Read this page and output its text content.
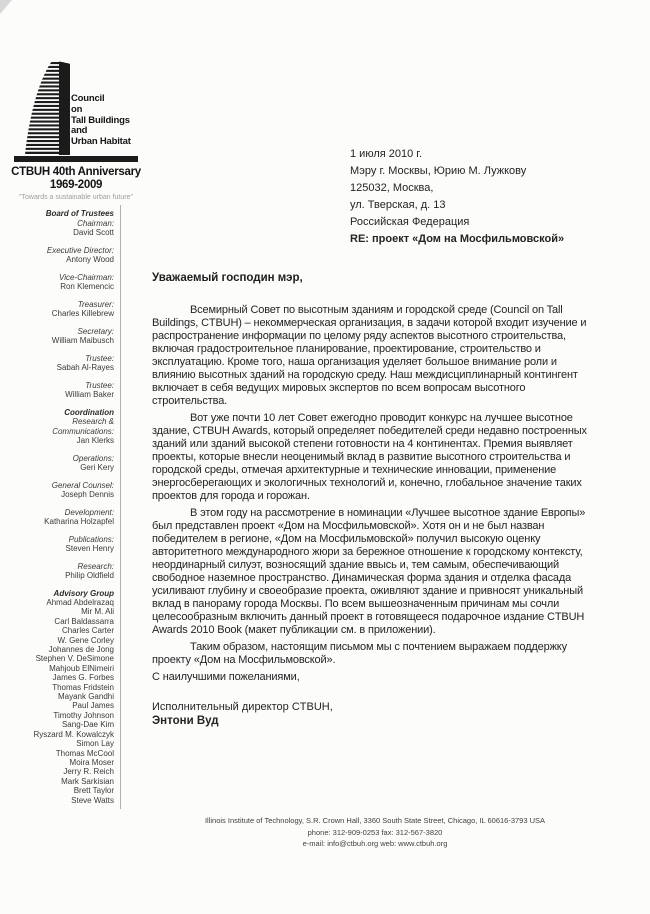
Council
on
Tall Buildings
and
Urban Habitat
CTBUH 40th Anniversary
1969-2009
"Towards a sustainable urban future"
Board of Trustees
Chairman:
David Scott
Executive Director:
Antony Wood
Vice-Chairman:
Ron Klemencic
Treasurer:
Charles Killebrew
Secretary:
William Maibusch
Trustee:
Sabah Al-Rayes
Trustee:
William Baker
Coordination
Research &
Communications:
Jan Klerks
Operations:
Geri Kery
General Counsel:
Joseph Dennis
Development:
Katharina Holzapfel
Publications:
Steven Henry
Research:
Philip Oldfield
Advisory Group
Ahmad Abdelrazaq
Mir M. Ali
Carl Baldassarra
Charles Carter
W. Gene Corley
Johannes de Jong
Stephen V. DeSimone
Mahjoub ElNimeiri
James G. Forbes
Thomas Fridstein
Mayank Gandhi
Paul James
Timothy Johnson
Sang-Dae Kim
Ryszard M. Kowalczyk
Simon Lay
Thomas McCool
Moira Moser
Jerry R. Reich
Mark Sarkisian
Brett Taylor
Steve Watts
1 июля 2010 г.
Мэру г. Москвы, Юрию М. Лужкову
125032, Москва,
ул. Тверская, д. 13
Российская Федерация
RE: проект «Дом на Мосфильмовской»
Уважаемый господин мэр,

Всемирный Совет по высотным зданиям и городской среде (Council on Tall Buildings, CTBUH) – некоммерческая организация, в задачи которой входит изучение и распространение информации по целому ряду аспектов высотного строительства, включая градостроительное планирование, проектирование, строительство и эксплуатацию. Кроме того, наша организация уделяет большое внимание роли и влиянию высотных зданий на городскую среду. Наш междисциплинарный контингент включает в себя ведущих мировых экспертов по всем вопросам высотного строительства.

Вот уже почти 10 лет Совет ежегодно проводит конкурс на лучшее высотное здание, CTBUH Awards, который определяет победителей среди недавно построенных зданий или зданий высокой степени готовности на 4 континентах. Премия выявляет проекты, которые внесли неоценимый вклад в развитие высотного строительства и городской среды, отмечая архитектурные и технические инновации, применение энергосберегающих и экологичных технологий и, конечно, глобальное значение таких проектов для города и горожан.

В этом году на рассмотрение в номинации «Лучшее высотное здание Европы» был представлен проект «Дом на Мосфильмовской». Хотя он и не был назван победителем в регионе, «Дом на Мосфильмовской» получил высокую оценку авторитетного международного жюри за бережное отношение к городскому контексту, неординарный силуэт, возносящий здание ввысь и, тем самым, обеспечивающий свободное наземное пространство. Динамическая форма здания и отделка фасада усиливают глубину и своеобразие проекта, оживляют здание и привносят уникальный вклад в панораму города Москвы. По всем вышеозначенным причинам мы сочли целесообразным включить данный проект в готовящееся подарочное издание CTBUH Awards 2010 Book (макет публикации см. в приложении).

Таким образом, настоящим письмом мы с почтением выражаем поддержку проекту «Дом на Мосфильмовской».

С наилучшими пожеланиями,
Исполнительный директор CTBUH,
Энтони Вуд
Illinois Institute of Technology, S.R. Crown Hall, 3360 South State Street, Chicago, IL 60616-3793 USA
phone: 312-909-0253 fax: 312-567-3820
e-mail: info@ctbuh.org web: www.ctbuh.org
